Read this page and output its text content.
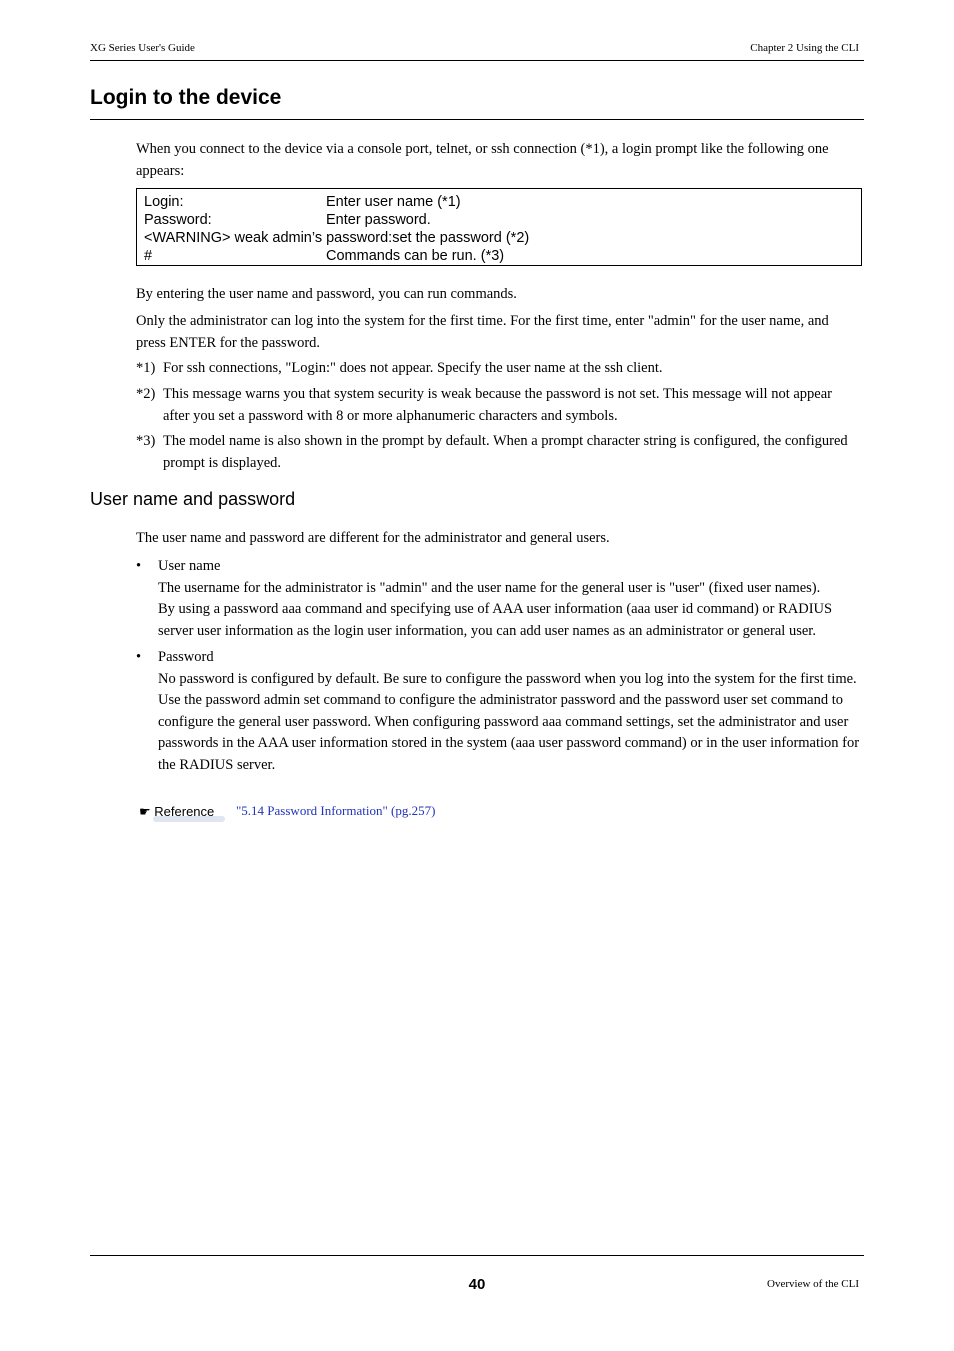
XG Series User's Guide	Chapter 2 Using the CLI
Login to the device

When you connect to the device via a console port, telnet, or ssh connection (*1), a login prompt like the following one appears:

Login:	Enter user name (*1)
Password:	Enter password.
<WARNING> weak admin’s password:set the password (*2)
#	Commands can be run. (*3)

By entering the user name and password, you can run commands.

Only the administrator can log into the system for the first time. For the first time, enter "admin" for the user name, and press ENTER for the password.

*1) For ssh connections, "Login:" does not appear. Specify the user name at the ssh client.
*2) This message warns you that system security is weak because the password is not set. This message will not appear after you set a password with 8 or more alphanumeric characters and symbols.
*3) The model name is also shown in the prompt by default. When a prompt character string is configured, the configured prompt is displayed.
User name and password

The user name and password are different for the administrator and general users.

• User name
The username for the administrator is "admin" and the user name for the general user is "user" (fixed user names).
By using a password aaa command and specifying use of AAA user information (aaa user id command) or RADIUS server user information as the login user information, you can add user names as an administrator or general user.
• Password
No password is configured by default. Be sure to configure the password when you log into the system for the first time. Use the password admin set command to configure the administrator password and the password user set command to configure the general user password. When configuring password aaa command settings, set the administrator and user passwords in the AAA user information stored in the system (aaa user password command) or in the user information for the RADIUS server.
☛ Reference	"5.14 Password Information" (pg.257)
40	Overview of the CLI
